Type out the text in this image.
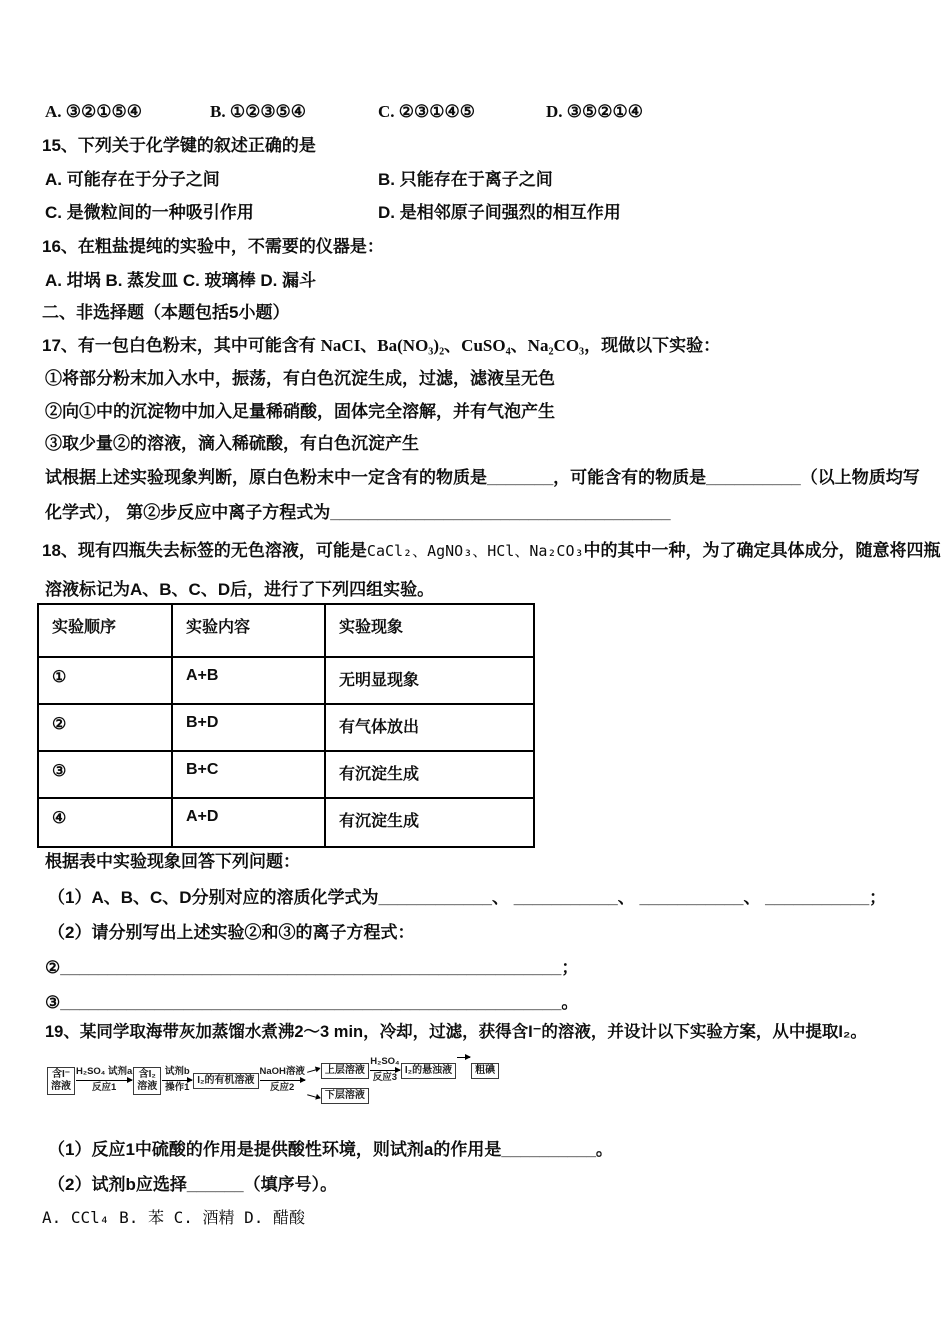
A. ③②①⑤④	B. ①②③⑤④	C. ②③①④⑤	D. ③⑤②①④
15、下列关于化学键的叙述正确的是
A. 可能存在于分子之间	B. 只能存在于离子之间
C. 是微粒间的一种吸引作用	D. 是相邻原子间强烈的相互作用
16、在粗盐提纯的实验中，不需要的仪器是：
A. 坩埚 B. 蒸发皿 C. 玻璃棒 D. 漏斗
二、非选择题（本题包括5小题）
17、有一包白色粉末，其中可能含有 NaCI、Ba(NO₃)₂、CuSO₄、Na₂CO₃，现做以下实验：
①将部分粉末加入水中，振荡，有白色沉淀生成，过滤，滤液呈无色
②向①中的沉淀物中加入足量稀硝酸，固体完全溶解，并有气泡产生
③取少量②的溶液，滴入稀硫酸，有白色沉淀产生
试根据上述实验现象判断，原白色粉末中一定含有的物质是_______，可能含有的物质是__________（以上物质均写
化学式）， 第②步反应中离子方程式为____________________________________
18、现有四瓶失去标签的无色溶液，可能是CaCl₂、AgNO₃、HCl、Na₂CO₃中的其中一种，为了确定具体成分，随意将四瓶
溶液标记为A、B、C、D后，进行了下列四组实验。
实验顺序	实验内容	实验现象
①	A+B	无明显现象
②	B+D	有气体放出
③	B+C	有沉淀生成
④	A+D	有沉淀生成
根据表中实验现象回答下列问题：
（1）A、B、C、D分别对应的溶质化学式为____________、 ___________、 ___________、 ___________；
（2）请分别写出上述实验②和③的离子方程式：
②_____________________________________________________；
③_____________________________________________________。
19、某同学取海带灰加蒸馏水煮沸2～3 min，冷却，过滤，获得含I⁻的溶液，并设计以下实验方案，从中提取I₂。
含I⁻
溶液
H₂SO₄ 试剂a
反应1
含I₂
溶液
试剂b
操作1
I₂的有机溶液
NaOH溶液
反应2
上层溶液
H₂SO₄
反应3
I₂的悬浊液	粗碘
下层溶液
（1）反应1中硫酸的作用是提供酸性环境，则试剂a的作用是__________。
（2）试剂b应选择______（填序号）。
A. CCl₄ B. 苯 C. 酒精 D. 醋酸
